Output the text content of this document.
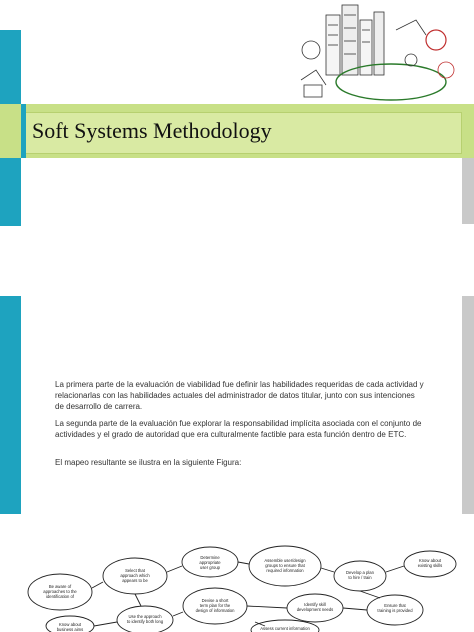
Soft Systems Methodology
La primera parte de la evaluación de viabilidad fue definir las habilidades requeridas de cada actividad y relacionarlas con las habilidades actuales del administrador de datos titular, junto con sus intenciones de desarrollo de carrera.
La segunda parte de la evaluación fue explorar la responsabilidad implícita asociada con el conjunto de actividades y el grado de autoridad que era culturalmente factible para esta función dentro de ETC.
El mapeo resultante se ilustra en la siguiente Figura:
Be aware of
approaches to the
identification of
Select that
approach which
appears to be
Determine
appropriate
user group
Assemble user/design
groups to ensure that
required information	Develop a plan
to hire / train
Know about
existing skills
Devise a short
term plan for the
design of information
Identify skill
development needs
Ensure that
training is provided
Know about
business aims
Use the approach
to identify both long
Assess current information
